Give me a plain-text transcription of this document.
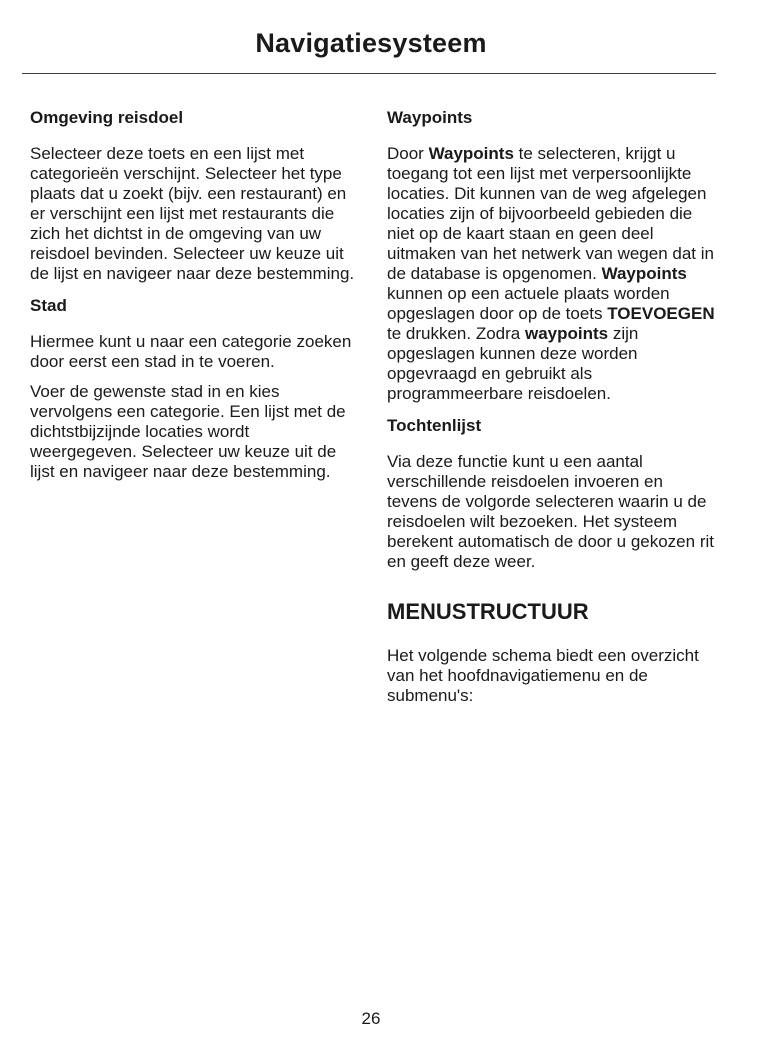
Navigatiesysteem
Omgeving reisdoel

Selecteer deze toets en een lijst met categorieën verschijnt. Selecteer het type plaats dat u zoekt (bijv. een restaurant) en er verschijnt een lijst met restaurants die zich het dichtst in de omgeving van uw reisdoel bevinden. Selecteer uw keuze uit de lijst en navigeer naar deze bestemming.

Stad

Hiermee kunt u naar een categorie zoeken door eerst een stad in te voeren.

Voer de gewenste stad in en kies vervolgens een categorie. Een lijst met de dichtstbijzijnde locaties wordt weergegeven. Selecteer uw keuze uit de lijst en navigeer naar deze bestemming.

Waypoints

Door Waypoints te selecteren, krijgt u toegang tot een lijst met verpersoonlijkte locaties. Dit kunnen van de weg afgelegen locaties zijn of bijvoorbeeld gebieden die niet op de kaart staan en geen deel uitmaken van het netwerk van wegen dat in de database is opgenomen. Waypoints kunnen op een actuele plaats worden opgeslagen door op de toets TOEVOEGEN te drukken. Zodra waypoints zijn opgeslagen kunnen deze worden opgevraagd en gebruikt als programmeerbare reisdoelen.

Tochtenlijst

Via deze functie kunt u een aantal verschillende reisdoelen invoeren en tevens de volgorde selecteren waarin u de reisdoelen wilt bezoeken. Het systeem berekent automatisch de door u gekozen rit en geeft deze weer.

MENUSTRUCTUUR

Het volgende schema biedt een overzicht van het hoofdnavigatiemenu en de submenu's:

26
